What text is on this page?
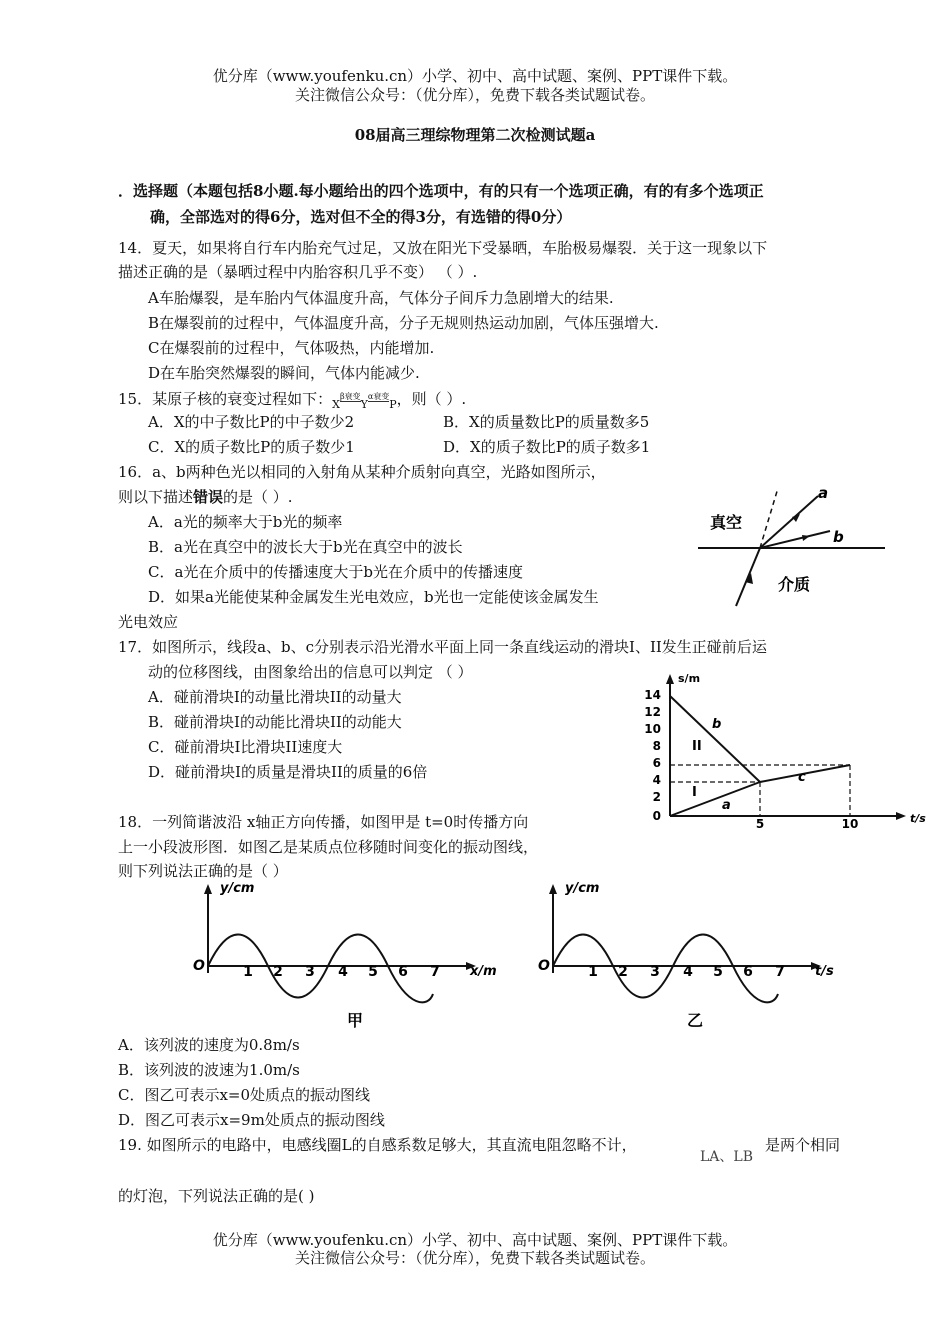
优分库（www.youfenku.cn）小学、初中、高中试题、案例、PPT课件下载。
关注微信公众号：（优分库），免费下载各类试题试卷。
08届高三理综物理第二次检测试题a
．选择题（本题包括8小题.每小题给出的四个选项中，有的只有一个选项正确，有的有多个选项正
确，全部选对的得6分，选对但不全的得3分，有选错的得0分）
14．夏天，如果将自行车内胎充气过足，又放在阳光下受暴晒，车胎极易爆裂．关于这一现象以下
描述正确的是（暴晒过程中内胎容积几乎不变） （ ）.
A车胎爆裂，是车胎内气体温度升高，气体分子间斥力急剧增大的结果.
B在爆裂前的过程中，气体温度升高，分子无规则热运动加剧，气体压强增大.
C在爆裂前的过程中，气体吸热，内能增加.
D在车胎突然爆裂的瞬间，气体内能减少.
15．某原子核的衰变过程如下：$_{X^{\beta 衰变}Y^{\alpha 衰变}P}$，则（ ）.
A．X的中子数比P的中子数少2	B．X的质量数比P的质量数多5
C．X的质子数比P的质子数少1	D．X的质子数比P的质子数多1
16．a、b两种色光以相同的入射角从某种介质射向真空，光路如图所示，
则以下描述错误的是（ ）.
A．a光的频率大于b光的频率
B．a光在真空中的波长大于b光在真空中的波长
C．a光在介质中的传播速度大于b光在介质中的传播速度
D．如果a光能使某种金属发生光电效应，b光也一定能使该金属发生
光电效应
真空
介质
a
b
17．如图所示，线段a、b、c分别表示沿光滑水平面上同一条直线运动的滑块I、II发生正碰前后运
动的位移图线，由图象给出的信息可以判定 （ ）
A．碰前滑块I的动量比滑块II的动量大
B．碰前滑块I的动能比滑块II的动能大
C．碰前滑块I比滑块II速度大
D．碰前滑块I的质量是滑块II的质量的6倍
s/m
t/s
14
12
10
8
6
4
2
0
5	10
b
II
I
a
c
18．一列简谐波沿 x轴正方向传播，如图甲是 t=0时传播方向
上一小段波形图．如图乙是某质点位移随时间变化的振动图线，
则下列说法正确的是（ ）
y/cm
x/m
O	1 2 3 4 5 6 7
甲
y/cm
t/s
O	1 2 3 4 5 6 7
乙
A．该列波的速度为0.8m/s
B．该列波的波速为1.0m/s
C．图乙可表示x=0处质点的振动图线
D．图乙可表示x=9m处质点的振动图线
19. 如图所示的电路中，电感线圈L的自感系数足够大，其直流电阻忽略不计，
LA、LB
是两个相同
的灯泡，下列说法正确的是( )
优分库（www.youfenku.cn）小学、初中、高中试题、案例、PPT课件下载。
关注微信公众号：（优分库），免费下载各类试题试卷。
